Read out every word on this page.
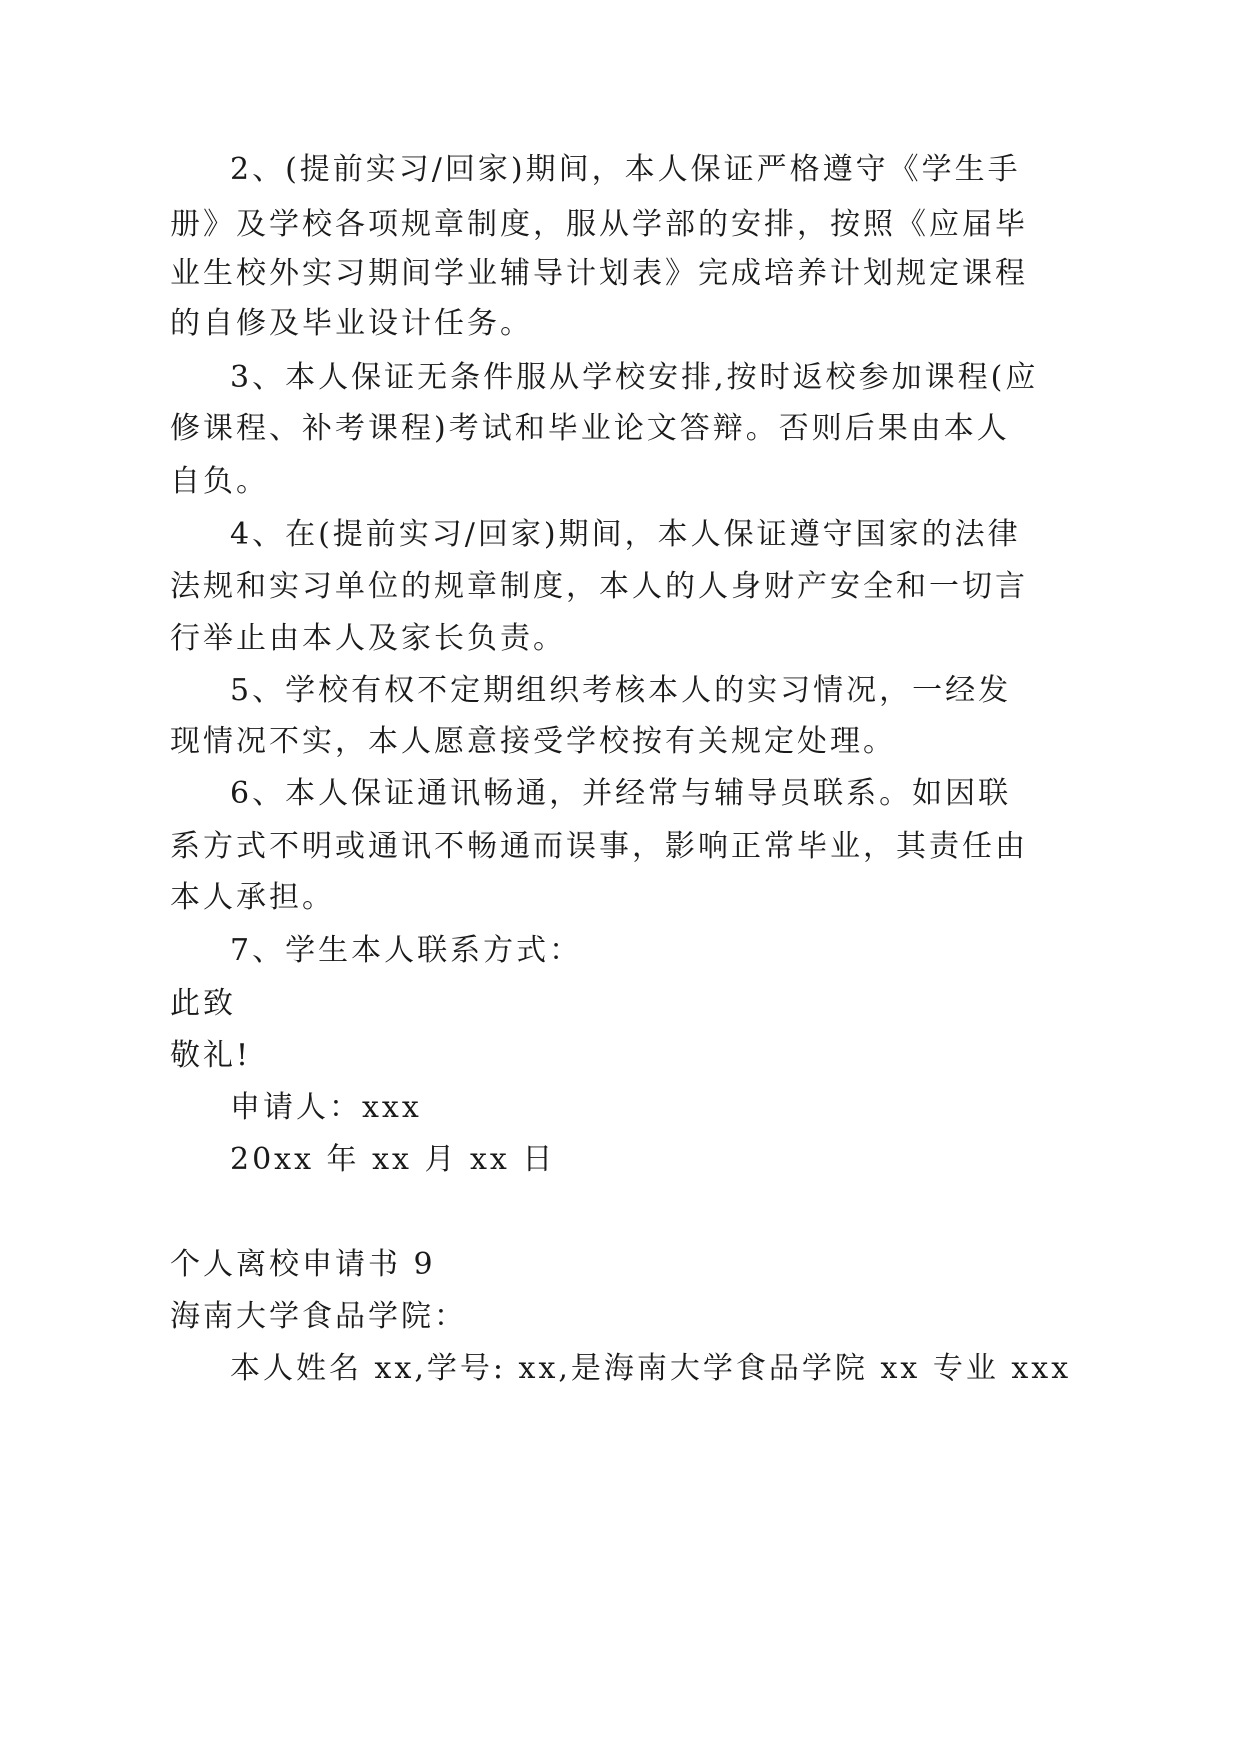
2、(提前实习/回家)期间，本人保证严格遵守《学生手
册》及学校各项规章制度，服从学部的安排，按照《应届毕
业生校外实习期间学业辅导计划表》完成培养计划规定课程
的自修及毕业设计任务。
3、本人保证无条件服从学校安排,按时返校参加课程(应
修课程、补考课程)考试和毕业论文答辩。否则后果由本人
自负。
4、在(提前实习/回家)期间，本人保证遵守国家的法律
法规和实习单位的规章制度，本人的人身财产安全和一切言
行举止由本人及家长负责。
5、学校有权不定期组织考核本人的实习情况，一经发
现情况不实，本人愿意接受学校按有关规定处理。
6、本人保证通讯畅通，并经常与辅导员联系。如因联
系方式不明或通讯不畅通而误事，影响正常毕业，其责任由
本人承担。
7、学生本人联系方式：
此致
敬礼!
申请人：xxx
20xx 年 xx 月 xx 日
个人离校申请书 9
海南大学食品学院：
本人姓名 xx,学号: xx,是海南大学食品学院 xx 专业 xxx
